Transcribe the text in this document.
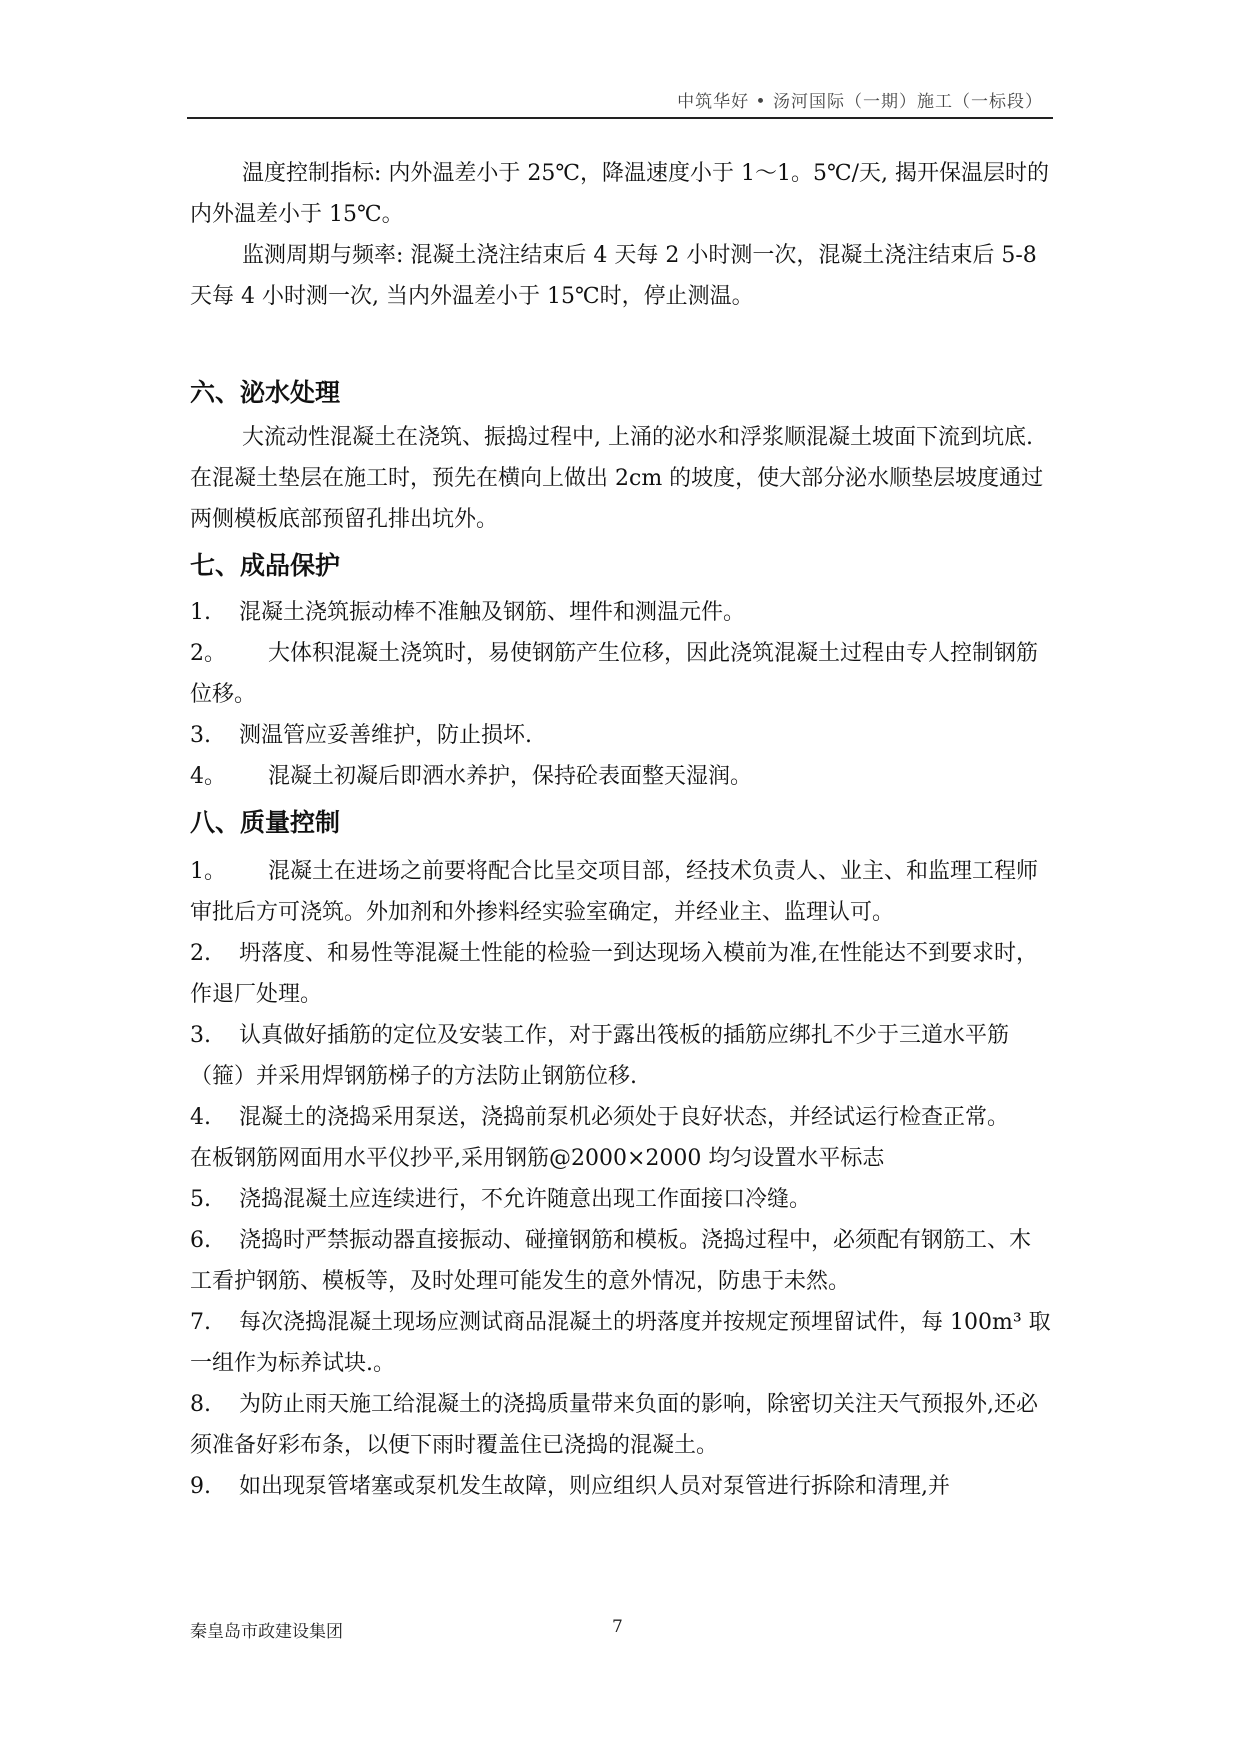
中筑华好 • 汤河国际（一期）施工（一标段）

温度控制指标: 内外温差小于 25℃，降温速度小于 1～1。5℃/天, 揭开保温层时的内外温差小于 15℃。

监测周期与频率: 混凝土浇注结束后 4 天每 2 小时测一次，混凝土浇注结束后 5-8 天每 4 小时测一次, 当内外温差小于 15℃时，停止测温。

六、泌水处理

大流动性混凝土在浇筑、振捣过程中, 上涌的泌水和浮浆顺混凝土坡面下流到坑底. 在混凝土垫层在施工时，预先在横向上做出 2cm 的坡度，使大部分泌水顺垫层坡度通过两侧模板底部预留孔排出坑外。

七、成品保护

1. 混凝土浇筑振动棒不准触及钢筋、埋件和测温元件。

2。 大体积混凝土浇筑时，易使钢筋产生位移，因此浇筑混凝土过程由专人控制钢筋位移。

3. 测温管应妥善维护，防止损坏.

4。 混凝土初凝后即洒水养护，保持砼表面整天湿润。

八、质量控制

1。 混凝土在进场之前要将配合比呈交项目部，经技术负责人、业主、和监理工程师审批后方可浇筑。外加剂和外掺料经实验室确定，并经业主、监理认可。

2. 坍落度、和易性等混凝土性能的检验一到达现场入模前为准,在性能达不到要求时，作退厂处理。

3. 认真做好插筋的定位及安装工作，对于露出筏板的插筋应绑扎不少于三道水平筋（箍）并采用焊钢筋梯子的方法防止钢筋位移.

4. 混凝土的浇捣采用泵送，浇捣前泵机必须处于良好状态，并经试运行检查正常。

在板钢筋网面用水平仪抄平,采用钢筋@2000×2000 均匀设置水平标志

5. 浇捣混凝土应连续进行，不允许随意出现工作面接口冷缝。

6. 浇捣时严禁振动器直接振动、碰撞钢筋和模板。浇捣过程中，必须配有钢筋工、木工看护钢筋、模板等，及时处理可能发生的意外情况，防患于未然。

7. 每次浇捣混凝土现场应测试商品混凝土的坍落度并按规定预埋留试件，每 100m³ 取一组作为标养试块.。

8. 为防止雨天施工给混凝土的浇捣质量带来负面的影响，除密切关注天气预报外,还必须准备好彩布条，以便下雨时覆盖住已浇捣的混凝土。

9. 如出现泵管堵塞或泵机发生故障，则应组织人员对泵管进行拆除和清理,并

秦皇岛市政建设集团	7
